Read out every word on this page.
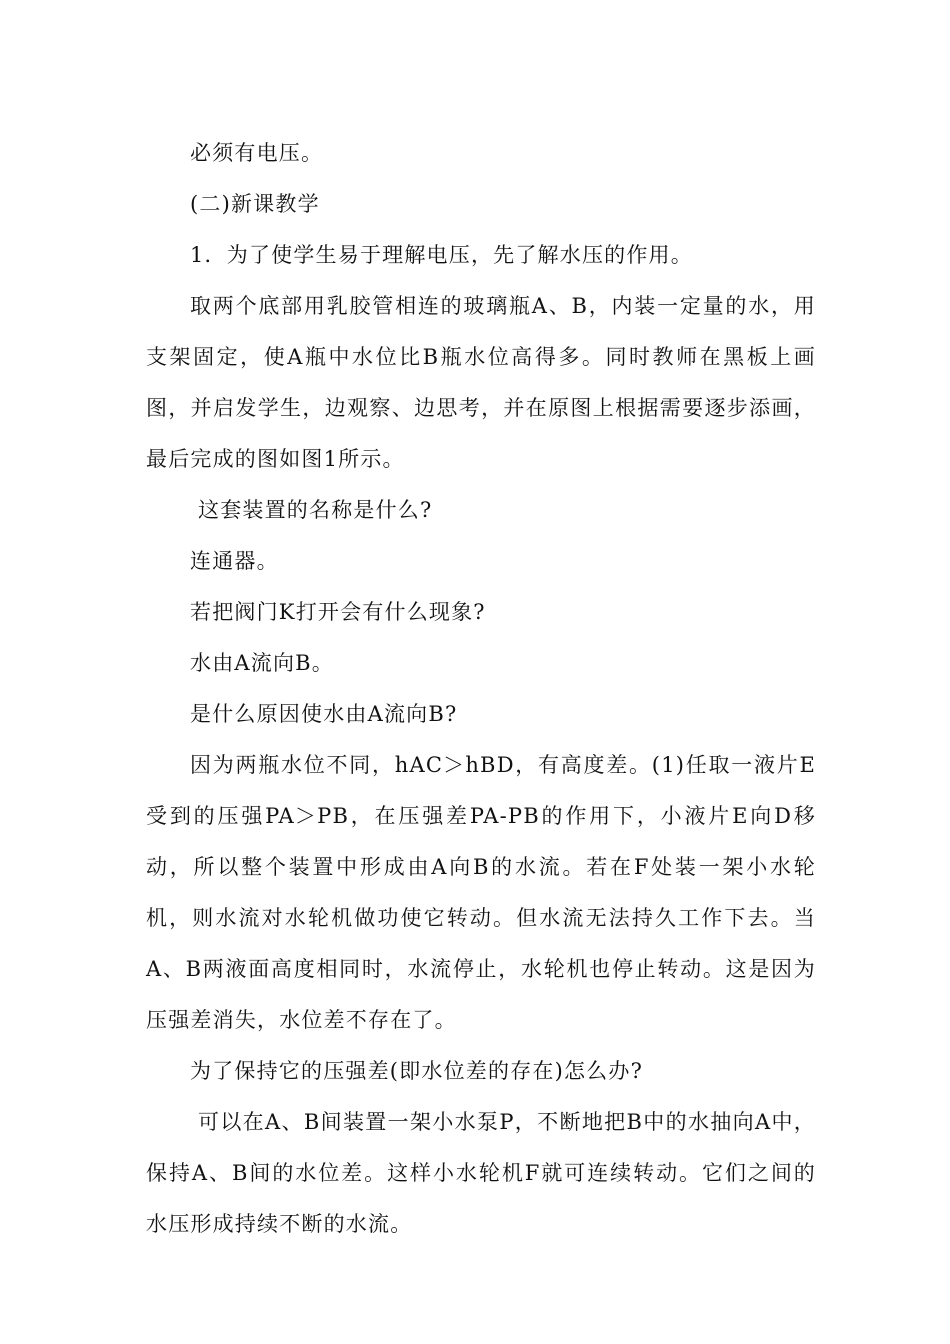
必须有电压。

(二)新课教学

1．为了使学生易于理解电压，先了解水压的作用。

取两个底部用乳胶管相连的玻璃瓶A、B，内装一定量的水，用支架固定，使A瓶中水位比B瓶水位高得多。同时教师在黑板上画图，并启发学生，边观察、边思考，并在原图上根据需要逐步添画，最后完成的图如图1所示。

这套装置的名称是什么?

连通器。

若把阀门K打开会有什么现象?

水由A流向B。

是什么原因使水由A流向B?

因为两瓶水位不同，hAC＞hBD，有高度差。(1)任取一液片E受到的压强PA＞PB，在压强差PA-PB的作用下，小液片E向D移动，所以整个装置中形成由A向B的水流。若在F处装一架小水轮机，则水流对水轮机做功使它转动。但水流无法持久工作下去。当A、B两液面高度相同时，水流停止，水轮机也停止转动。这是因为压强差消失，水位差不存在了。

为了保持它的压强差(即水位差的存在)怎么办?

可以在A、B间装置一架小水泵P，不断地把B中的水抽向A中，保持A、B间的水位差。这样小水轮机F就可连续转动。它们之间的水压形成持续不断的水流。
